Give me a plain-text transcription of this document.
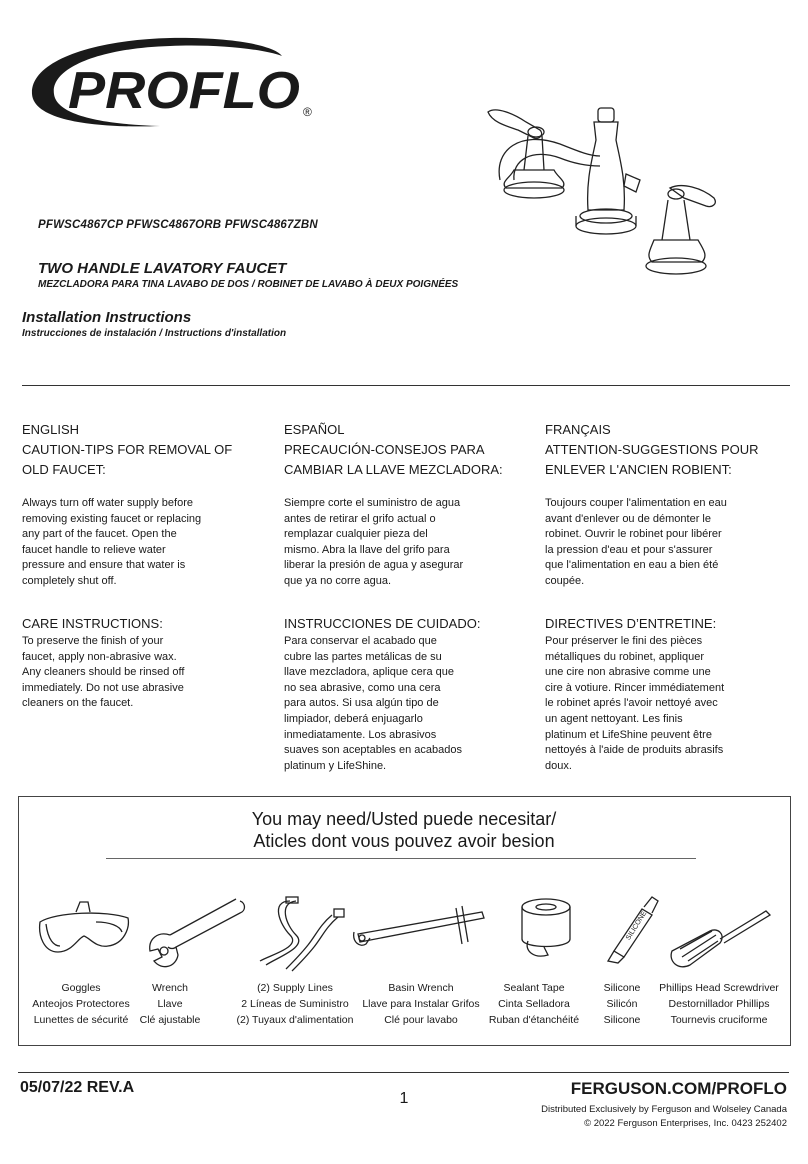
PROFLO ®
PFWSC4867CP PFWSC4867ORB PFWSC4867ZBN
TWO HANDLE LAVATORY FAUCET
MEZCLADORA PARA TINA LAVABO DE DOS / ROBINET DE LAVABO À DEUX POIGNÉES
Installation Instructions
Instrucciones de instalación / Instructions d'installation
ENGLISH
CAUTION-TIPS FOR REMOVAL OF
OLD FAUCET:
Always turn off water supply before removing existing faucet or replacing any part of the faucet. Open the faucet handle to relieve water pressure and ensure that water is completely shut off.
CARE INSTRUCTIONS:
To preserve the finish of your faucet, apply non-abrasive wax. Any cleaners should be rinsed off immediately. Do not use abrasive cleaners on the faucet.
ESPAÑOL
PRECAUCIÓN-CONSEJOS PARA
CAMBIAR LA LLAVE MEZCLADORA:
Siempre corte el suministro de agua antes de retirar el grifo actual o remplazar cualquier pieza del mismo. Abra la llave del grifo para liberar la presión de agua y asegurar que ya no corre agua.
INSTRUCCIONES DE CUIDADO:
Para conservar el acabado que cubre las partes metálicas de su llave mezcladora, aplique cera que no sea abrasive, como una cera para autos. Si usa algún tipo de limpiador, deberá enjuagarlo inmediatamente. Los abrasivos suaves son aceptables en acabados platinum y LifeShine.
FRANÇAIS
ATTENTION-SUGGESTIONS POUR
ENLEVER L'ANCIEN ROBIENT:
Toujours couper l'alimentation en eau avant d'enlever ou de démonter le robinet. Ouvrir le robinet pour libérer la pression d'eau et pour s'assurer que l'alimentation en eau a bien été coupée.
DIRECTIVES D’ENTRETINE:
Pour préserver le fini des pièces métalliques du robinet, appliquer une cire non abrasive comme une cire à votiure. Rincer immédiatement le robinet aprés l'avoir nettoyé avec un agent nettoyant. Les finis platinum et LifeShine peuvent être nettoyés à l'aide de produits abrasifs doux.
You may need/Usted puede necesitar/
Aticles dont vous pouvez avoir besion
SILICONE
Goggles
Anteojos Protectores
Lunettes de sécurité
Wrench
Llave
Clé ajustable
(2) Supply Lines
2 Líneas de Suministro
(2) Tuyaux d'alimentation
Basin Wrench
Llave para Instalar Grifos
Clé pour lavabo
Sealant Tape
Cinta Selladora
Ruban d'étanchéité
Silicone
Silicón
Silicone
Phillips Head Screwdriver
Destornillador Phillips
Tournevis cruciforme
05/07/22 REV.A
1
FERGUSON.COM/PROFLO
Distributed Exclusively by Ferguson and Wolseley Canada
© 2022 Ferguson Enterprises, Inc. 0423 252402
